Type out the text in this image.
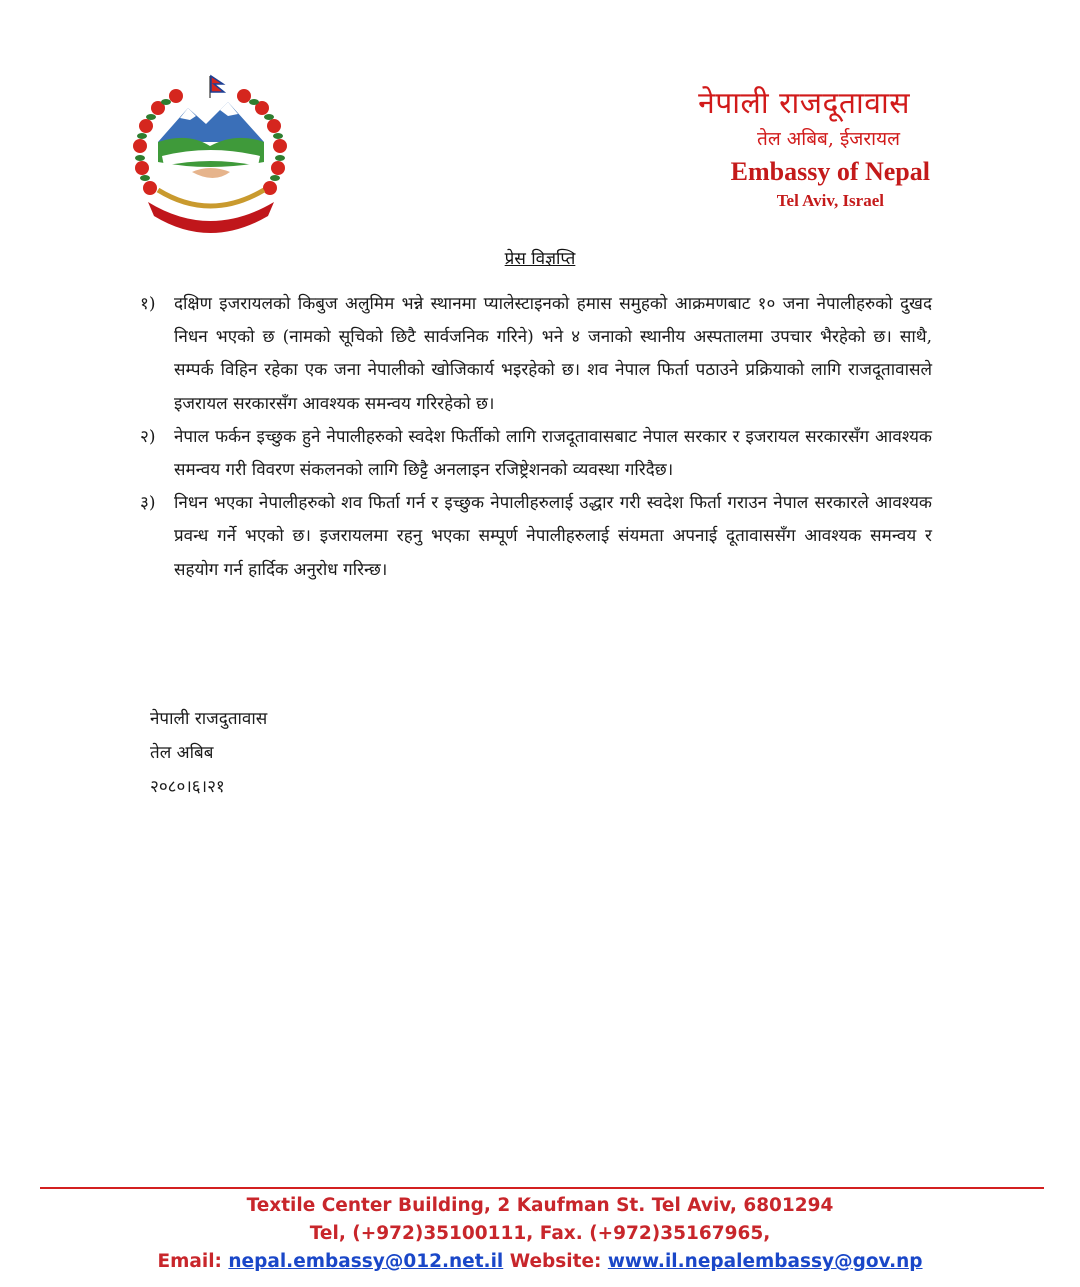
नेपाली राजदूतावास
तेल अबिब, ईजरायल
Embassy of Nepal
Tel Aviv, Israel
प्रेस विज्ञप्ति
१) दक्षिण इजरायलको किबुज अलुमिम भन्ने स्थानमा प्यालेस्टाइनको हमास समुहको आक्रमणबाट १० जना नेपालीहरुको दुखद निधन भएको छ (नामको सूचिको छिटै सार्वजनिक गरिने) भने ४ जनाको स्थानीय अस्पतालमा उपचार भैरहेको छ। साथै, सम्पर्क विहिन रहेका एक जना नेपालीको खोजिकार्य भइरहेको छ। शव नेपाल फिर्ता पठाउने प्रक्रियाको लागि राजदूतावासले इजरायल सरकारसँग आवश्यक समन्वय गरिरहेको छ।
२) नेपाल फर्कन इच्छुक हुने नेपालीहरुको स्वदेश फिर्तीको लागि राजदूतावासबाट नेपाल सरकार र इजरायल सरकारसँग आवश्यक समन्वय गरी विवरण संकलनको लागि छिट्टै अनलाइन रजिष्ट्रेशनको व्यवस्था गरिदैछ।
३) निधन भएका नेपालीहरुको शव फिर्ता गर्न र इच्छुक नेपालीहरुलाई उद्धार गरी स्वदेश फिर्ता गराउन नेपाल सरकारले आवश्यक प्रवन्ध गर्ने भएको छ। इजरायलमा रहनु भएका सम्पूर्ण नेपालीहरुलाई संयमता अपनाई दूतावाससँग आवश्यक समन्वय र सहयोग गर्न हार्दिक अनुरोध गरिन्छ।
नेपाली राजदुतावास
तेल अबिब
२०८०।६।२१
Textile Center Building, 2 Kaufman St. Tel Aviv, 6801294
Tel, (+972)35100111, Fax. (+972)35167965,
Email: nepal.embassy@012.net.il Website: www.il.nepalembassy@gov.np
